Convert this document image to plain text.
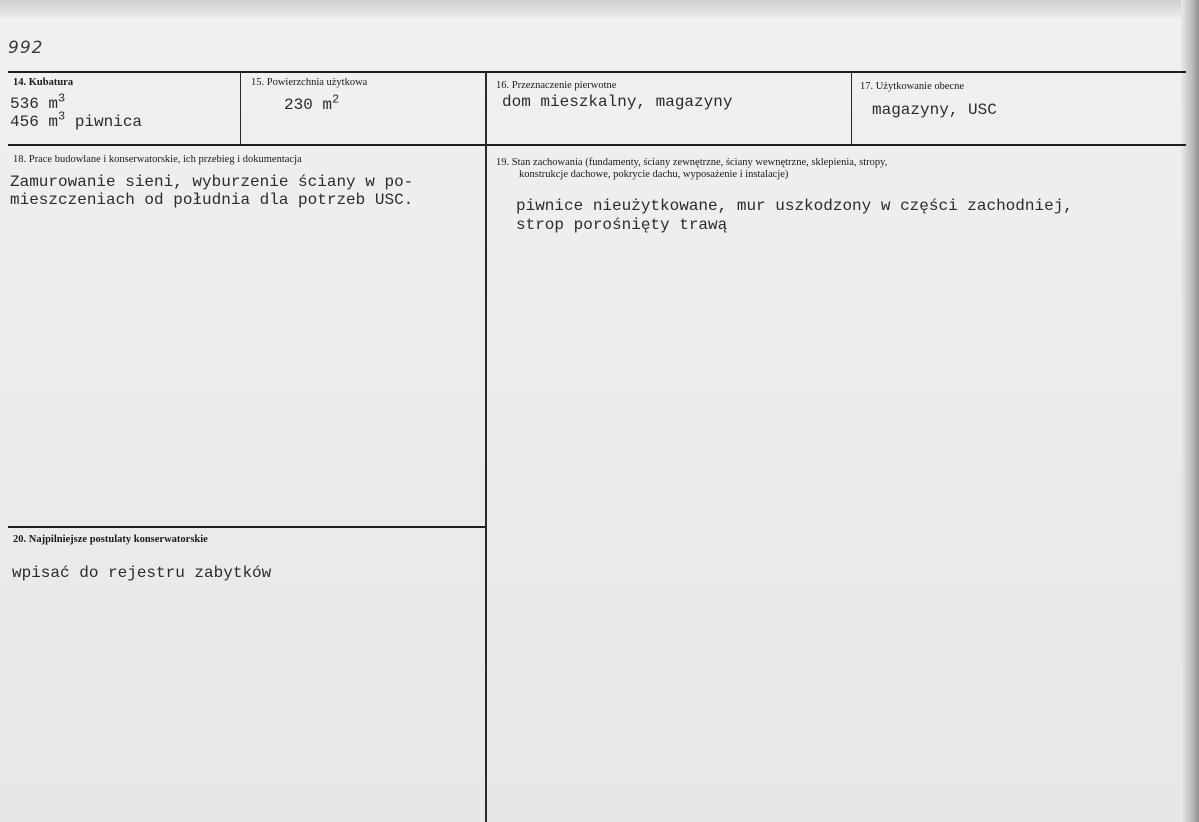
992
14. Kubatura
536 $m^3$
456 $m^3$ piwnica
15. Powierzchnia użytkowa
230 $m^2$
16. Przeznaczenie pierwotne
dom mieszkalny, magazyny
17. Użytkowanie obecne
magazyny, USC
18. Prace budowlane i konserwatorskie, ich przebieg i dokumentacja
Zamurowanie sieni, wyburzenie ściany w po-
mieszczeniach od południa dla potrzeb USC.
19. Stan zachowania (fundamenty, ściany zewnętrzne, ściany wewnętrzne, sklepienia, stropy,
konstrukcje dachowe, pokrycie dachu, wyposażenie i instalacje)
piwnice nieużytkowane, mur uszkodzony w części zachodniej,
strop porośnięty trawą
20. Najpilniejsze postulaty konserwatorskie
wpisać do rejestru zabytków
